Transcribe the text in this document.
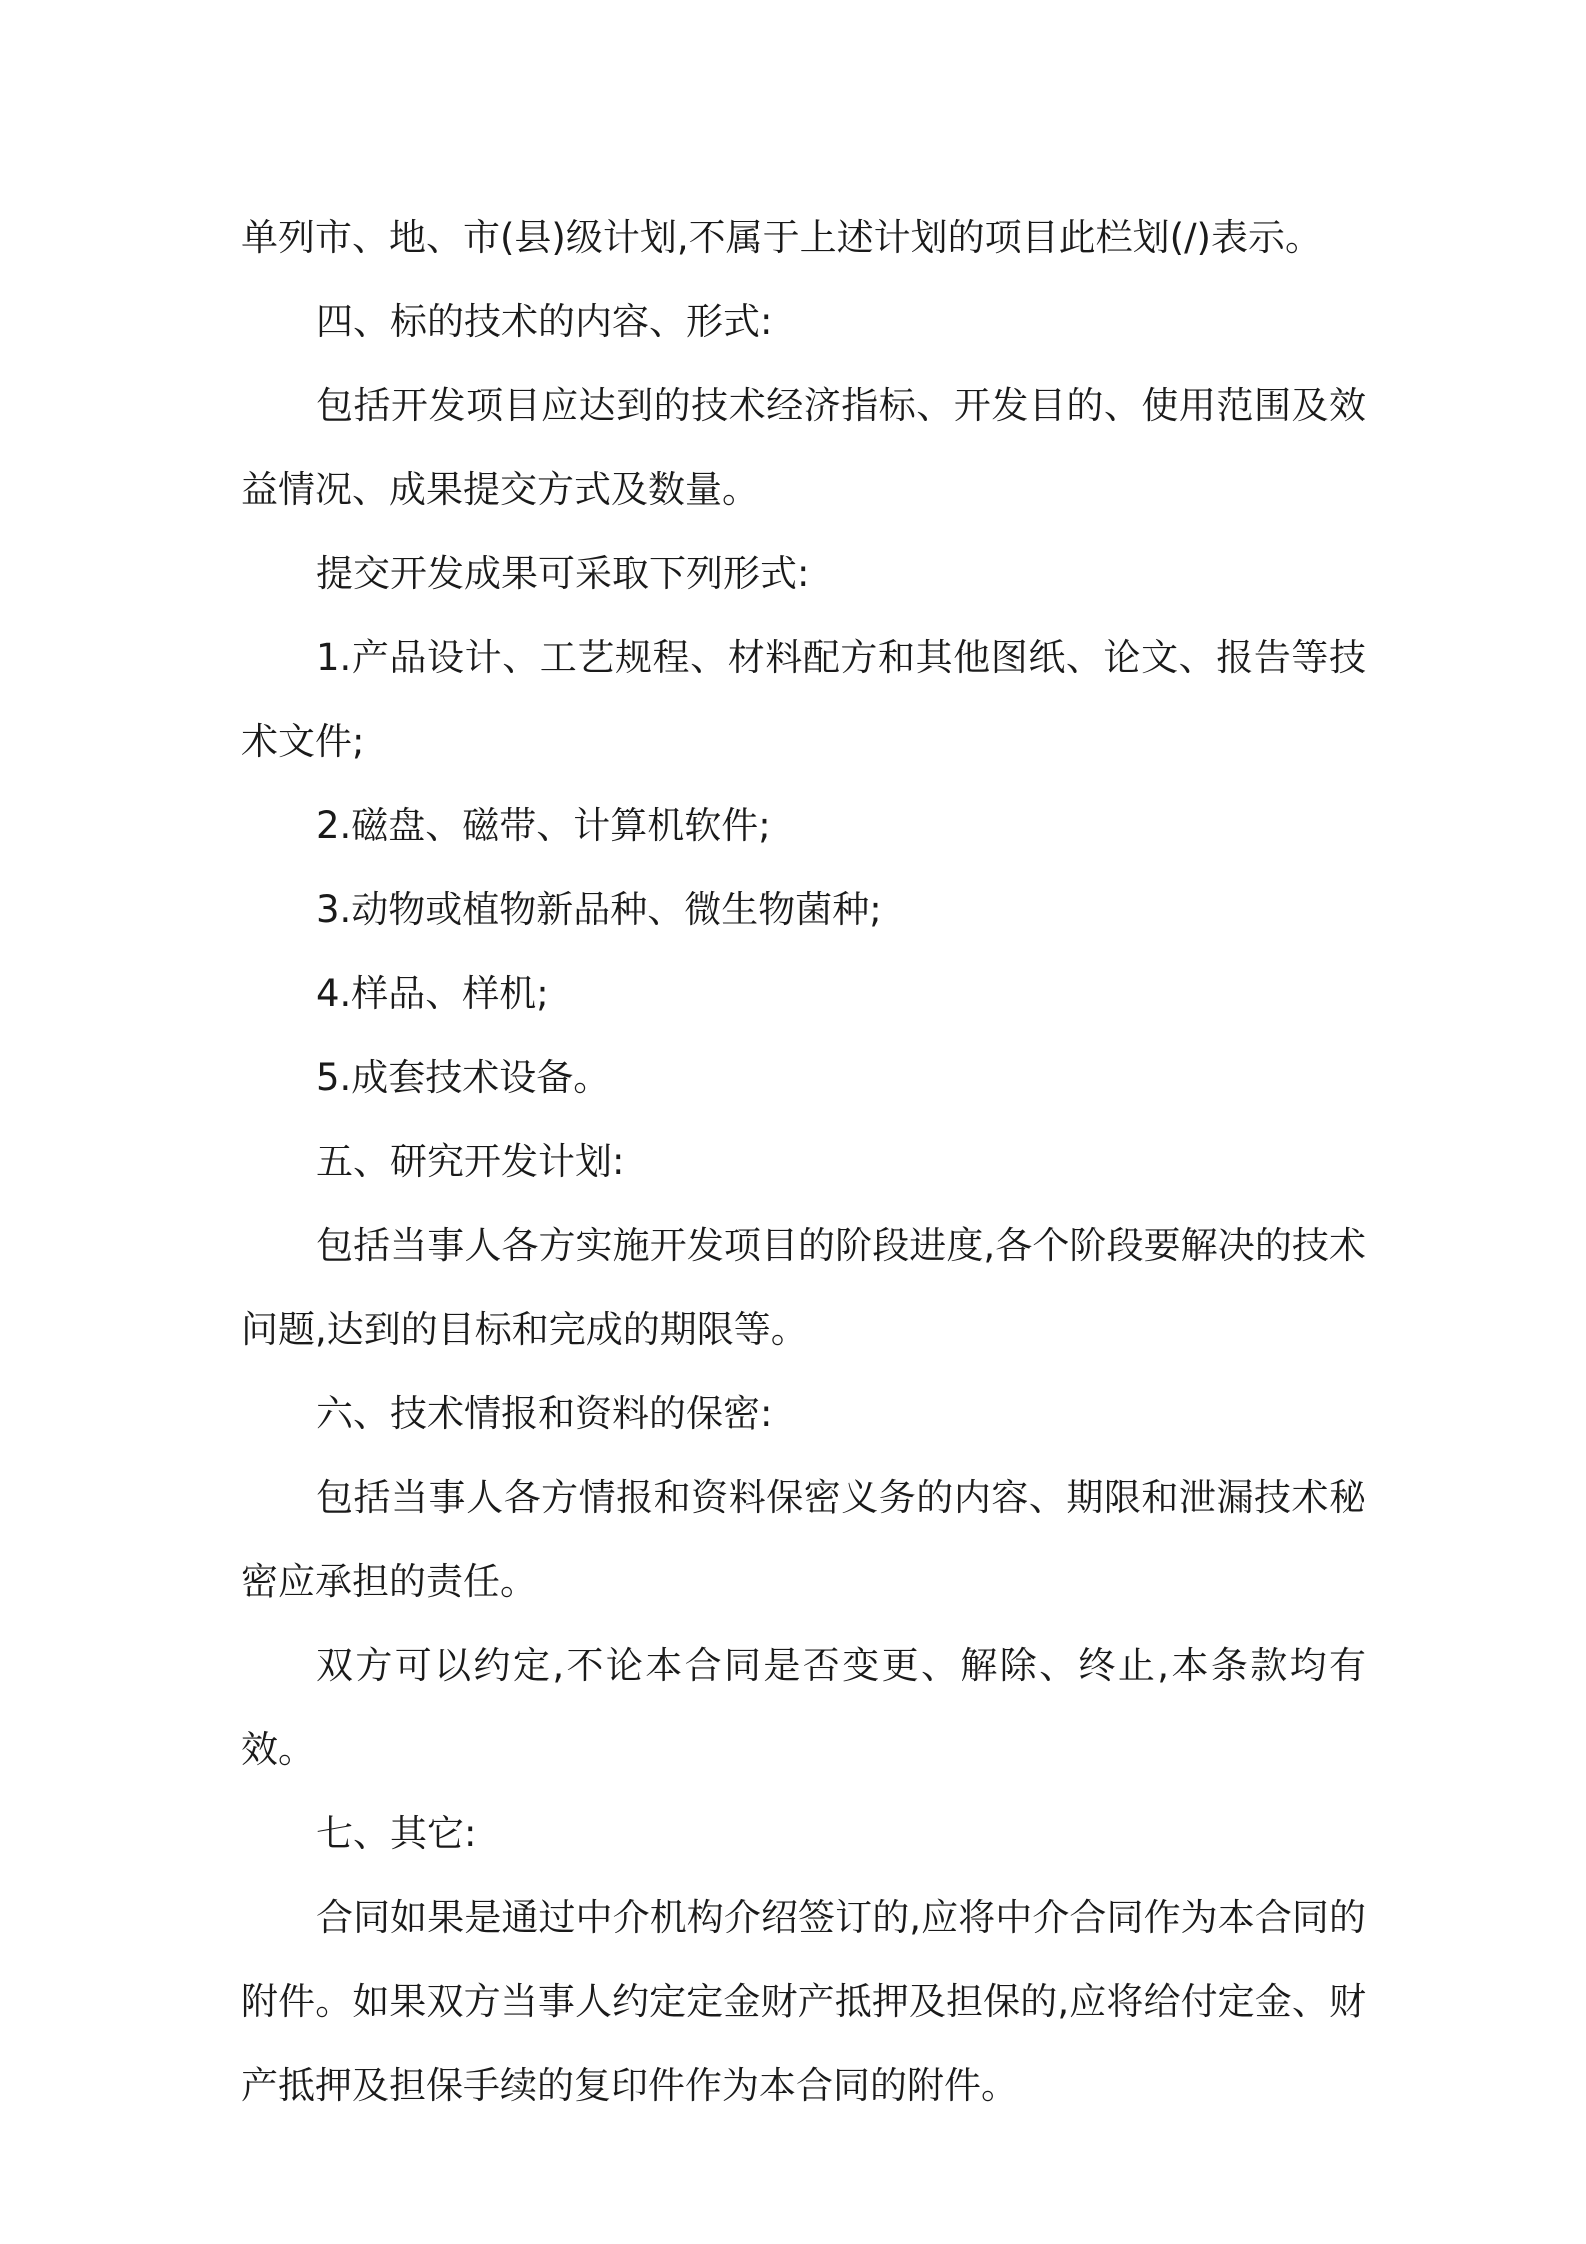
单列市、地、市(县)级计划,不属于上述计划的项目此栏划(/)表示。

四、标的技术的内容、形式:

包括开发项目应达到的技术经济指标、开发目的、使用范围及效益情况、成果提交方式及数量。

提交开发成果可采取下列形式:

1.产品设计、工艺规程、材料配方和其他图纸、论文、报告等技术文件;

2.磁盘、磁带、计算机软件;

3.动物或植物新品种、微生物菌种;

4.样品、样机;

5.成套技术设备。

五、研究开发计划:

包括当事人各方实施开发项目的阶段进度,各个阶段要解决的技术问题,达到的目标和完成的期限等。

六、技术情报和资料的保密:

包括当事人各方情报和资料保密义务的内容、期限和泄漏技术秘密应承担的责任。

双方可以约定,不论本合同是否变更、解除、终止,本条款均有效。

七、其它:

合同如果是通过中介机构介绍签订的,应将中介合同作为本合同的附件。如果双方当事人约定定金财产抵押及担保的,应将给付定金、财产抵押及担保手续的复印件作为本合同的附件。
